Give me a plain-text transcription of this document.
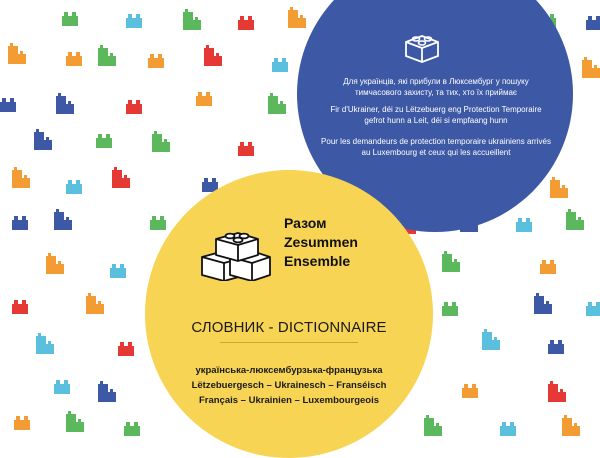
Для українців, які прибули в Люксембург у пошуку тимчасового захисту, та тих, хто їх приймає
Fir d'Ukrainer, déi zu Lëtzebuerg eng Protection Temporaire gefrot hunn a Leit, déi si empfaang hunn
Pour les demandeurs de protection temporaire ukrainiens arrivés au Luxembourg et ceux qui les accueillent
Разом
Zesummen
Ensemble
СЛОВНИК - DICTIONNAIRE
українська-люксембурзька-французька
Lëtzebuergesch – Ukrainesch – Franséisch
Français – Ukrainien – Luxembourgeois
